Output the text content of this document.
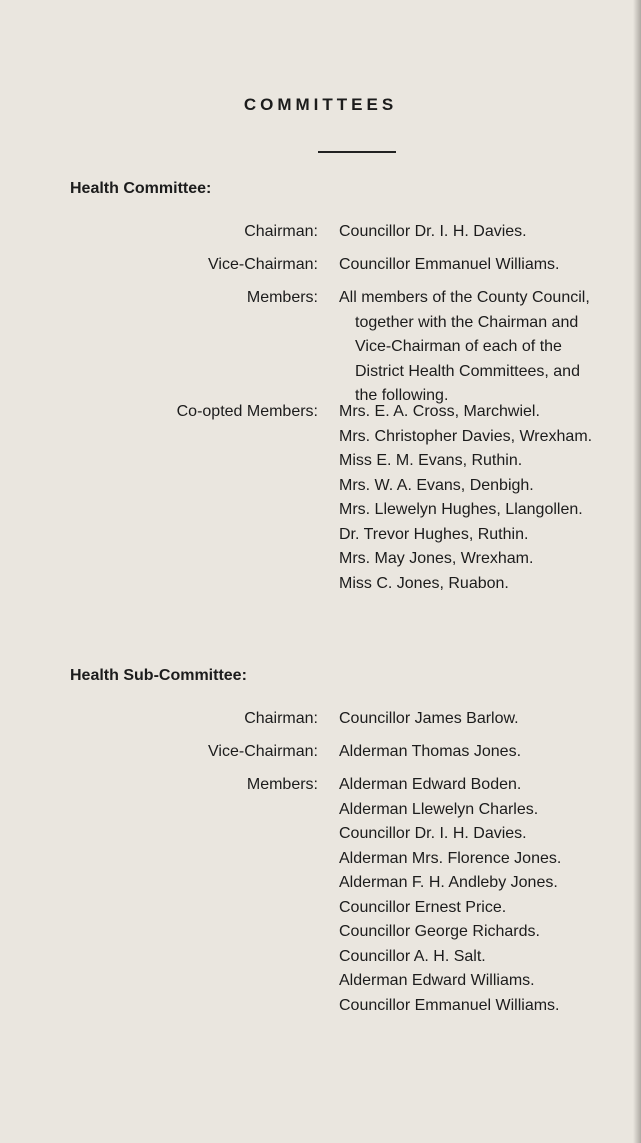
COMMITTEES
Health Committee:
Chairman: Councillor Dr. I. H. Davies.
Vice-Chairman: Councillor Emmanuel Williams.
Members: All members of the County Council,
together with the Chairman and
Vice-Chairman of each of the
District Health Committees, and
the following.
Co-opted Members: Mrs. E. A. Cross, Marchwiel.
Mrs. Christopher Davies, Wrexham.
Miss E. M. Evans, Ruthin.
Mrs. W. A. Evans, Denbigh.
Mrs. Llewelyn Hughes, Llangollen.
Dr. Trevor Hughes, Ruthin.
Mrs. May Jones, Wrexham.
Miss C. Jones, Ruabon.
Health Sub-Committee:
Chairman: Councillor James Barlow.
Vice-Chairman: Alderman Thomas Jones.
Members: Alderman Edward Boden.
Alderman Llewelyn Charles.
Councillor Dr. I. H. Davies.
Alderman Mrs. Florence Jones.
Alderman F. H. Andleby Jones.
Councillor Ernest Price.
Councillor George Richards.
Councillor A. H. Salt.
Alderman Edward Williams.
Councillor Emmanuel Williams.
